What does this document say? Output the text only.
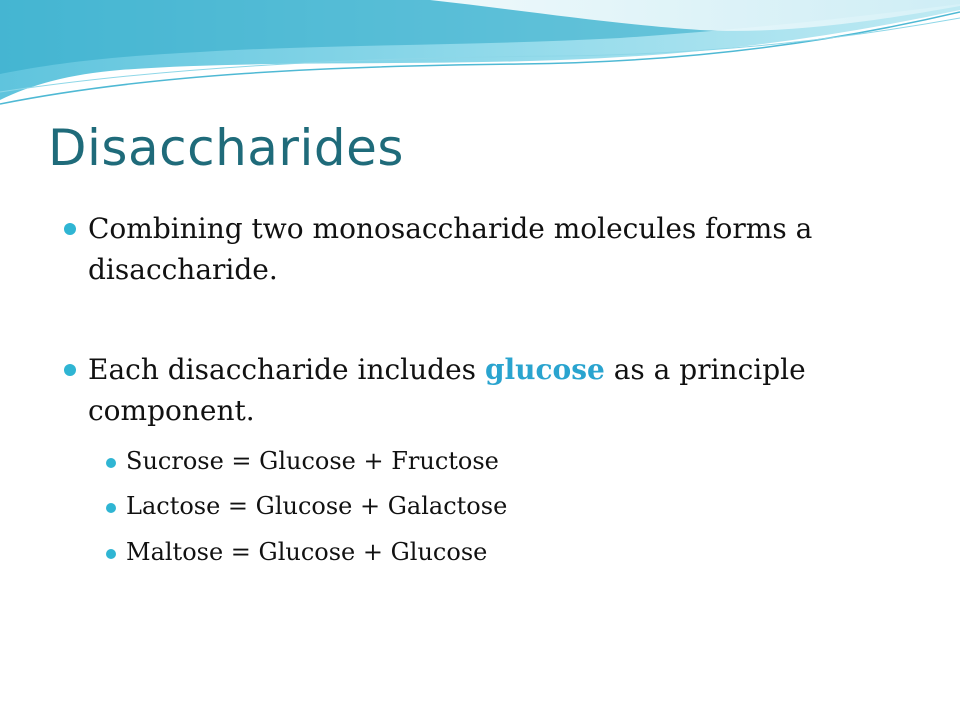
Disaccharides
Combining two monosaccharide molecules forms a disaccharide.
Each disaccharide includes glucose as a principle component.
Sucrose = Glucose + Fructose
Lactose = Glucose + Galactose
Maltose = Glucose + Glucose
